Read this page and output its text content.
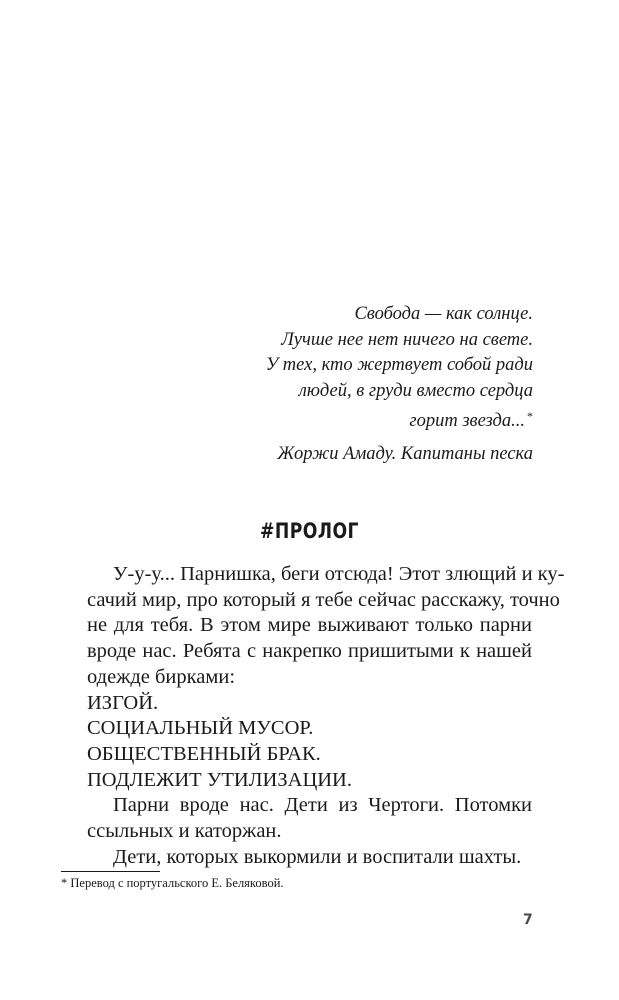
Свобода — как солнце.
Лучше нее нет ничего на свете.
У тех, кто жертвует собой ради
людей, в груди вместо сердца
горит звезда... *
Жоржи Амаду. Капитаны песка
#ПРОЛОГ
У-у-у... Парнишка, беги отсюда! Этот злющий и ку-
сачий мир, про который я тебе сейчас расскажу, точно
не для тебя. В этом мире выживают только парни
вроде нас. Ребята с накрепко пришитыми к нашей
одежде бирками:
ИЗГОЙ.
СОЦИАЛЬНЫЙ МУСОР.
ОБЩЕСТВЕННЫЙ БРАК.
ПОДЛЕЖИТ УТИЛИЗАЦИИ.
Парни вроде нас. Дети из Чертоги. Потомки
ссыльных и каторжан.
Дети, которых выкормили и воспитали шахты.
* Перевод с португальского Е. Беляковой.
7
